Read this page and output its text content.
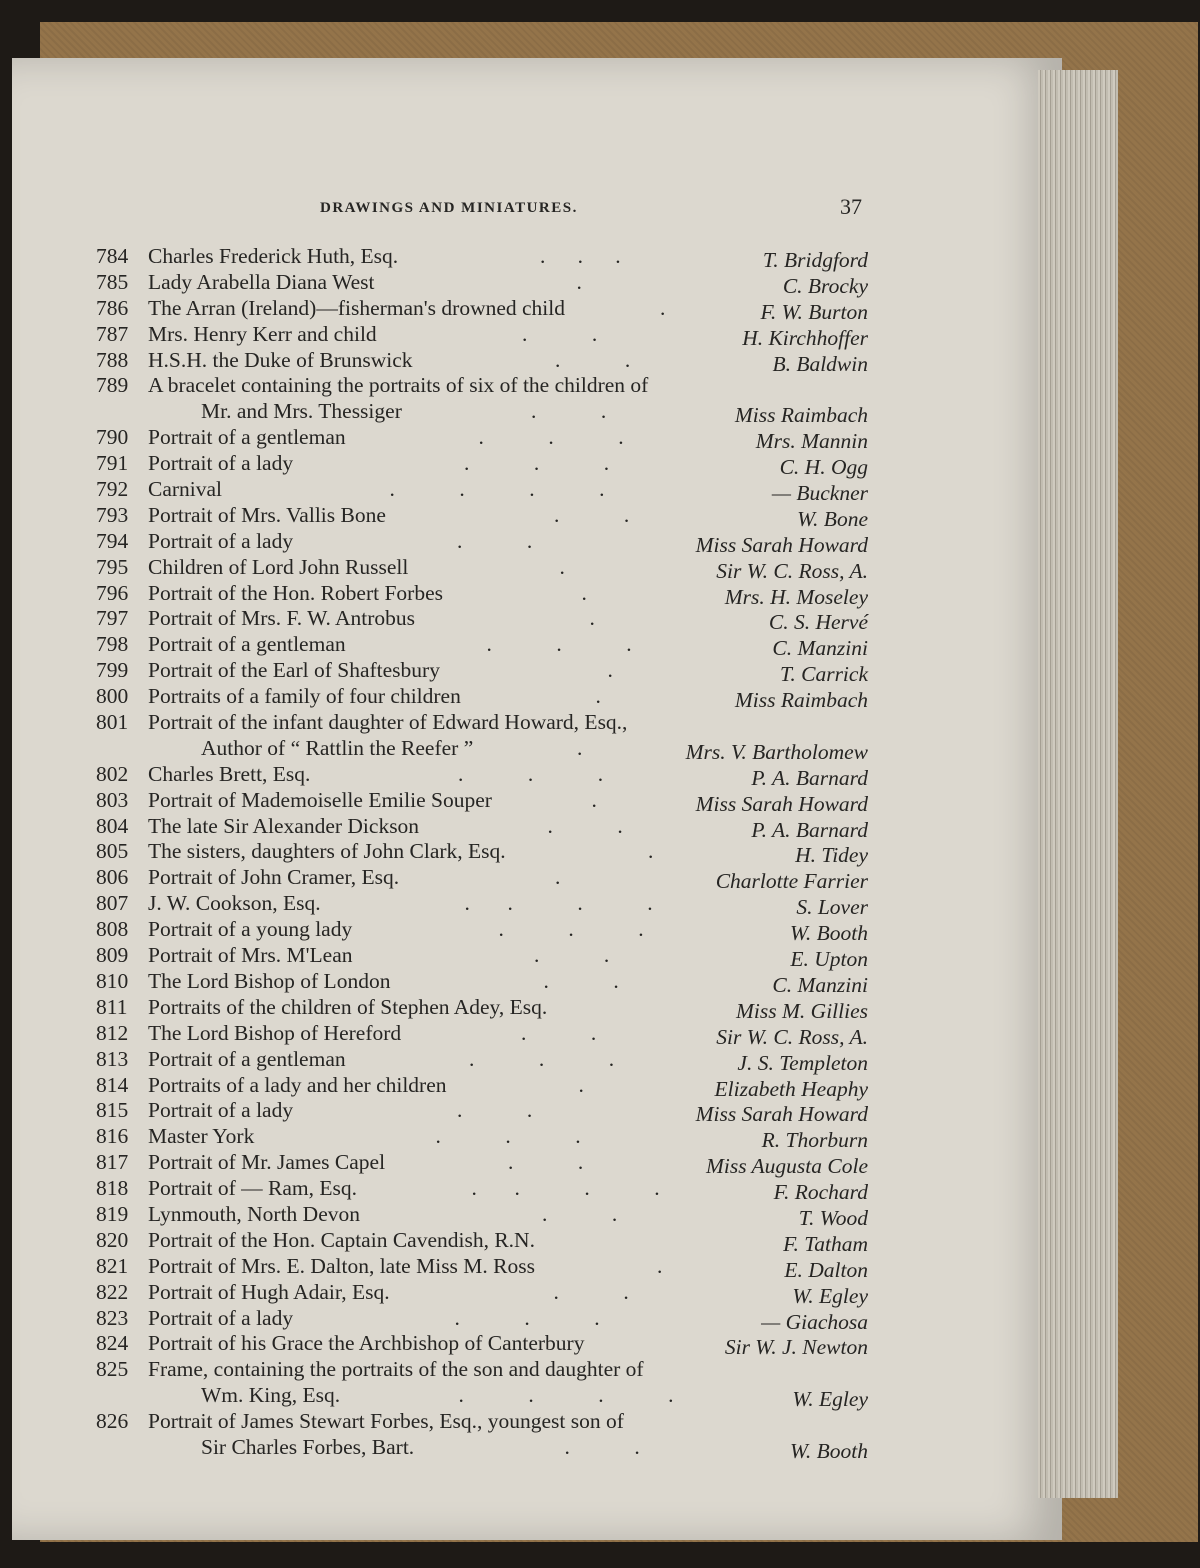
DRAWINGS AND MINIATURES.	37
784 Charles Frederick Huth, Esq.	.      .      .	T. Bridgford
785 Lady Arabella Diana West	.	C. Brocky
786 The Arran (Ireland)—fisherman's drowned child	.	F. W. Burton
787 Mrs. Henry Kerr and child	.            .	H. Kirchhoffer
788 H.S.H. the Duke of Brunswick	.            .	B. Baldwin
789 A bracelet containing the portraits of six of the children of
Mr. and Mrs. Thessiger	.            .	Miss Raimbach
790 Portrait of a gentleman	.            .            .	Mrs. Mannin
791 Portrait of a lady	.            .            .	C. H. Ogg
792 Carnival	.            .            .            .	— Buckner
793 Portrait of Mrs. Vallis Bone	.            .	W. Bone
794 Portrait of a lady	.            .	Miss Sarah Howard
795 Children of Lord John Russell	.	Sir W. C. Ross, A.
796 Portrait of the Hon. Robert Forbes	.	Mrs. H. Moseley
797 Portrait of Mrs. F. W. Antrobus	.	C. S. Hervé
798 Portrait of a gentleman	.            .            .	C. Manzini
799 Portrait of the Earl of Shaftesbury	.	T. Carrick
800 Portraits of a family of four children	.	Miss Raimbach
801 Portrait of the infant daughter of Edward Howard, Esq.,
Author of “ Rattlin the Reefer ”	.	Mrs. V. Bartholomew
802 Charles Brett, Esq.	.            .            .	P. A. Barnard
803 Portrait of Mademoiselle Emilie Souper	.	Miss Sarah Howard
804 The late Sir Alexander Dickson	.            .	P. A. Barnard
805 The sisters, daughters of John Clark, Esq.	.	H. Tidey
806 Portrait of John Cramer, Esq.	.	Charlotte Farrier
807 J. W. Cookson, Esq.	.       .            .            .	S. Lover
808 Portrait of a young lady	.            .            .	W. Booth
809 Portrait of Mrs. M'Lean	.            .	E. Upton
810 The Lord Bishop of London	.            .	C. Manzini
811 Portraits of the children of Stephen Adey, Esq.	Miss M. Gillies
812 The Lord Bishop of Hereford	.            .	Sir W. C. Ross, A.
813 Portrait of a gentleman	.            .            .	J. S. Templeton
814 Portraits of a lady and her children	.	Elizabeth Heaphy
815 Portrait of a lady	.            .	Miss Sarah Howard
816 Master York	.            .            .	R. Thorburn
817 Portrait of Mr. James Capel	.            .	Miss Augusta Cole
818 Portrait of — Ram, Esq.	.       .            .            .	F. Rochard
819 Lynmouth, North Devon	.            .	T. Wood
820 Portrait of the Hon. Captain Cavendish, R.N.	F. Tatham
821 Portrait of Mrs. E. Dalton, late Miss M. Ross	.	E. Dalton
822 Portrait of Hugh Adair, Esq.	.            .	W. Egley
823 Portrait of a lady	.            .            .	— Giachosa
824 Portrait of his Grace the Archbishop of Canterbury	Sir W. J. Newton
825 Frame, containing the portraits of the son and daughter of
Wm. King, Esq.	.            .            .            .	W. Egley
826 Portrait of James Stewart Forbes, Esq., youngest son of
Sir Charles Forbes, Bart.	.            .	W. Booth
